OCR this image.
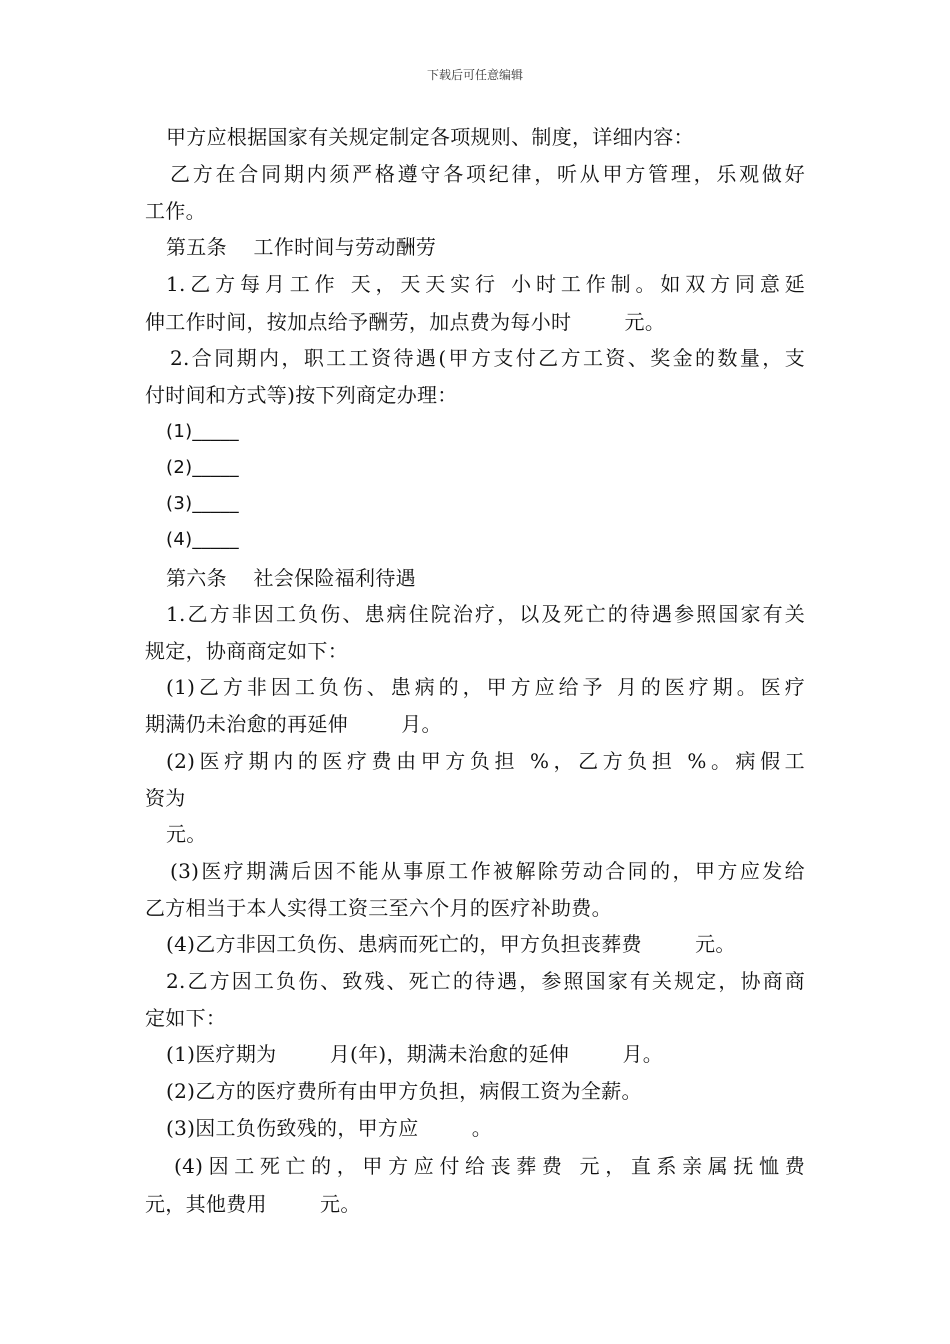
下载后可任意编辑
甲方应根据国家有关规定制定各项规则、制度，详细内容：
乙方在合同期内须严格遵守各项纪律，听从甲方管理，乐观做好
工作。
第五条    工作时间与劳动酬劳
1.乙方每月工作 天，天天实行 小时工作制。如双方同意延
伸工作时间，按加点给予酬劳，加点费为每小时        元。
2.合同期内，职工工资待遇(甲方支付乙方工资、奖金的数量，支
付时间和方式等)按下列商定办理：
(1)_____
(2)_____
(3)_____
(4)_____
第六条    社会保险福利待遇
1.乙方非因工负伤、患病住院治疗，以及死亡的待遇参照国家有关
规定，协商商定如下：
(1)乙方非因工负伤、患病的，甲方应给予 月的医疗期。医疗
期满仍未治愈的再延伸        月。
(2)医疗期内的医疗费由甲方负担 %，乙方负担 %。病假工
资为
元。
(3)医疗期满后因不能从事原工作被解除劳动合同的，甲方应发给
乙方相当于本人实得工资三至六个月的医疗补助费。
(4)乙方非因工负伤、患病而死亡的，甲方负担丧葬费        元。
2.乙方因工负伤、致残、死亡的待遇，参照国家有关规定，协商商
定如下：
(1)医疗期为        月(年)，期满未治愈的延伸        月。
(2)乙方的医疗费所有由甲方负担，病假工资为全薪。
(3)因工负伤致残的，甲方应        。
(4)因工死亡的，甲方应付给丧葬费 元，直系亲属抚恤费
元，其他费用        元。
